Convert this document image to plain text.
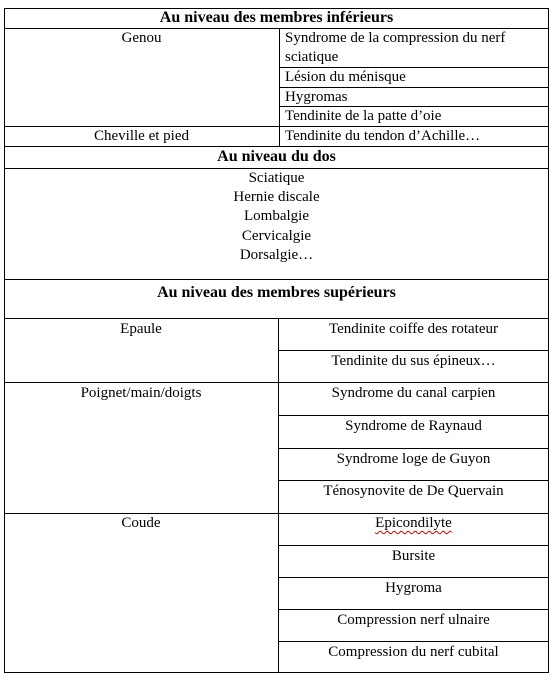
Au niveau des membres inférieurs
Genou	Syndrome de la compression du nerf
sciatique
Lésion du ménisque
Hygromas
Tendinite de la patte d’oie
Cheville et pied	Tendinite du tendon d’Achille…
Au niveau du dos
Sciatique
Hernie discale
Lombalgie
Cervicalgie
Dorsalgie…
Au niveau des membres supérieurs
Epaule	Tendinite coiffe des rotateur
Tendinite du sus épineux…
Poignet/main/doigts	Syndrome du canal carpien
Syndrome de Raynaud
Syndrome loge de Guyon
Ténosynovite de De Quervain
Coude	Epicondilyte
Bursite
Hygroma
Compression nerf ulnaire
Compression du nerf cubital
